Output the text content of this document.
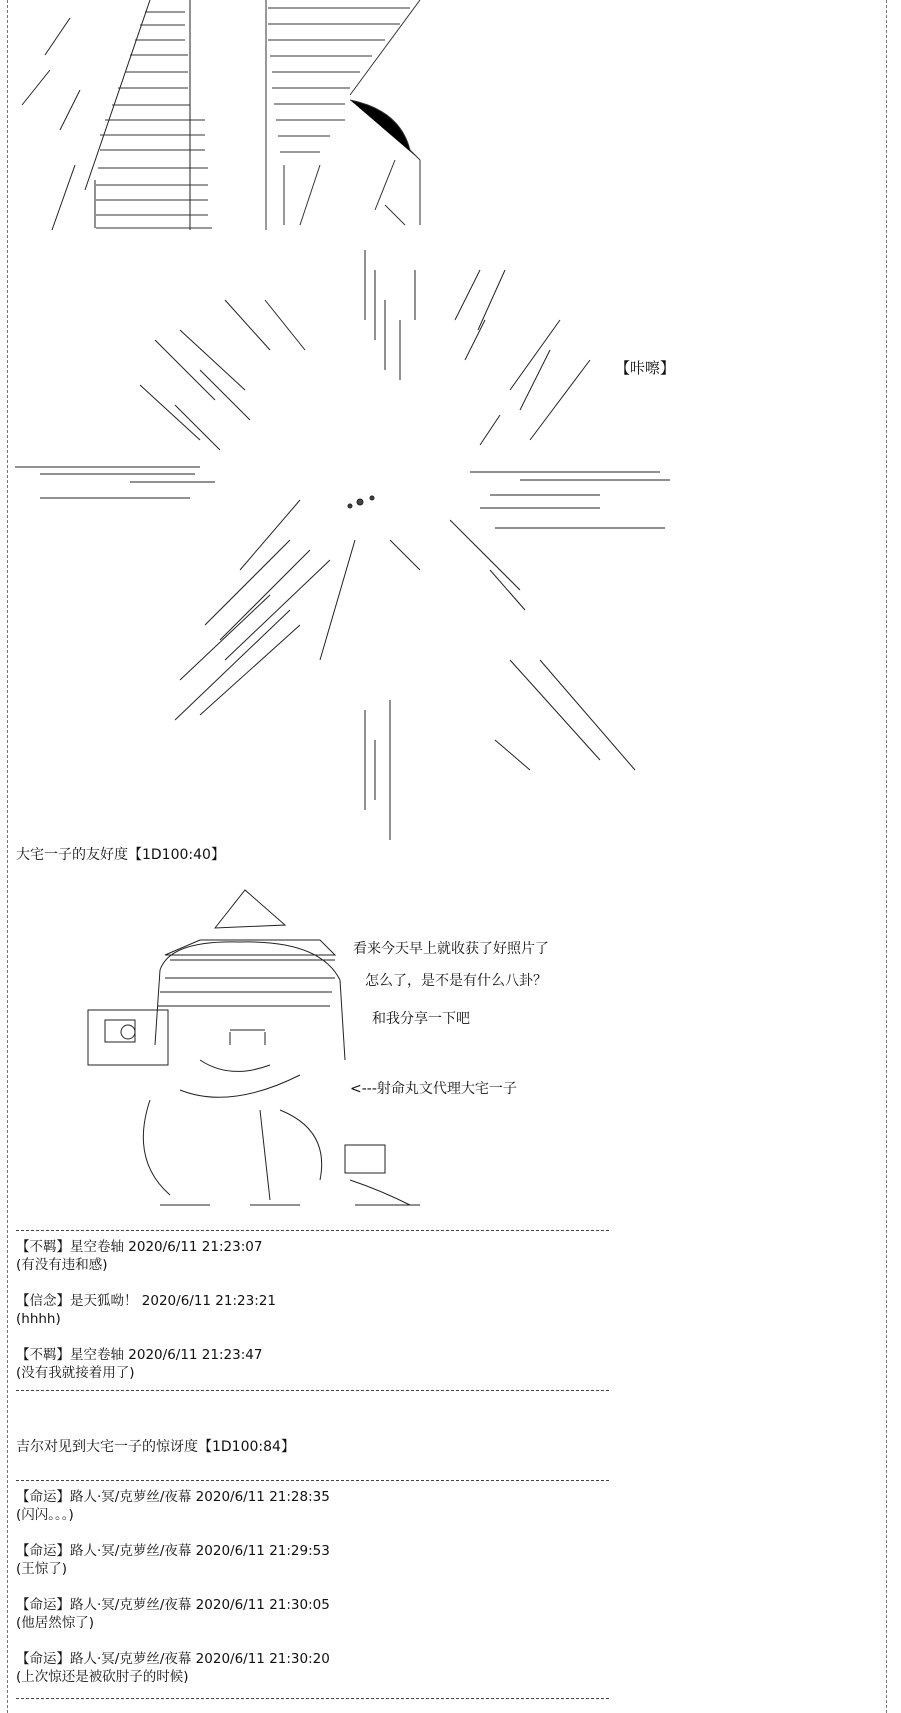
【咔嚓】
大宅一子的友好度【1D100:40】
看来今天早上就收获了好照片了
怎么了，是不是有什么八卦？
和我分享一下吧
<---射命丸文代理大宅一子
【不羁】星空卷轴 2020/6/11 21:23:07
(有没有违和感)
【信念】是天狐呦！ 2020/6/11 21:23:21
(hhhh)
【不羁】星空卷轴 2020/6/11 21:23:47
(没有我就接着用了)
吉尔对见到大宅一子的惊讶度【1D100:84】
【命运】路人·冥/克萝丝/夜幕 2020/6/11 21:28:35
(闪闪。。。)
【命运】路人·冥/克萝丝/夜幕 2020/6/11 21:29:53
(王惊了)
【命运】路人·冥/克萝丝/夜幕 2020/6/11 21:30:05
(他居然惊了)
【命运】路人·冥/克萝丝/夜幕 2020/6/11 21:30:20
(上次惊还是被砍肘子的时候)
